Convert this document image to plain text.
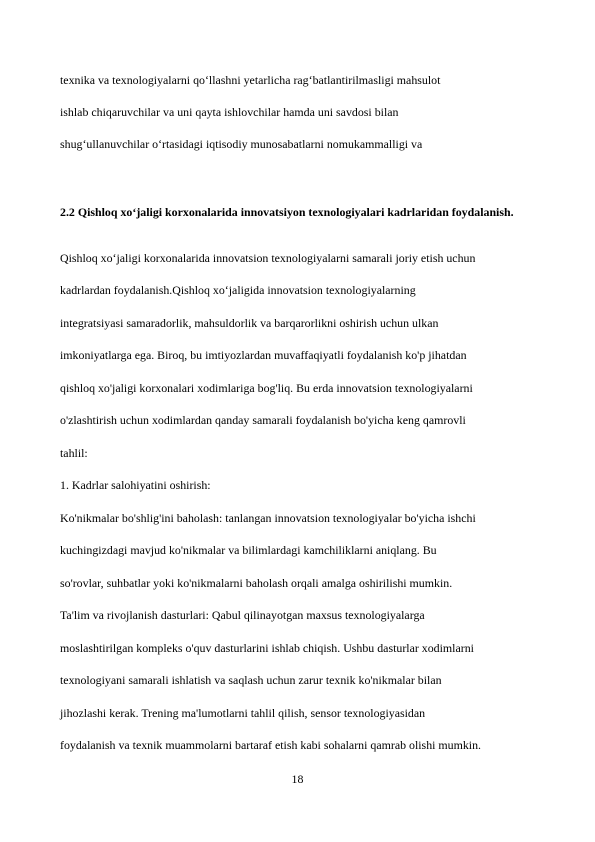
texnika va texnologiyalarni qo‘llashni yetarlicha rag‘batlantirilmasligi mahsulot
ishlab chiqaruvchilar va uni qayta ishlovchilar hamda uni savdosi bilan
shug‘ullanuvchilar o‘rtasidagi iqtisodiy munosabatlarni nomukammalligi va
2.2 Qishloq xo‘jaligi korxonalarida innovatsiyon texnologiyalari kadrlaridan foydalanish.
Qishloq xo‘jaligi korxonalarida innovatsion texnologiyalarni samarali joriy etish uchun
kadrlardan foydalanish.Qishloq xo‘jaligida innovatsion texnologiyalarning
integratsiyasi samaradorlik, mahsuldorlik va barqarorlikni oshirish uchun ulkan
imkoniyatlarga ega. Biroq, bu imtiyozlardan muvaffaqiyatli foydalanish ko'p jihatdan
qishloq xo'jaligi korxonalari xodimlariga bog'liq. Bu erda innovatsion texnologiyalarni
o'zlashtirish uchun xodimlardan qanday samarali foydalanish bo'yicha keng qamrovli
tahlil:
1. Kadrlar salohiyatini oshirish:
Ko'nikmalar bo'shlig'ini baholash: tanlangan innovatsion texnologiyalar bo'yicha ishchi
kuchingizdagi mavjud ko'nikmalar va bilimlardagi kamchiliklarni aniqlang. Bu
so'rovlar, suhbatlar yoki ko'nikmalarni baholash orqali amalga oshirilishi mumkin.
Ta'lim va rivojlanish dasturlari: Qabul qilinayotgan maxsus texnologiyalarga
moslashtirilgan kompleks o'quv dasturlarini ishlab chiqish. Ushbu dasturlar xodimlarni
texnologiyani samarali ishlatish va saqlash uchun zarur texnik ko'nikmalar bilan
jihozlashi kerak. Trening ma'lumotlarni tahlil qilish, sensor texnologiyasidan
foydalanish va texnik muammolarni bartaraf etish kabi sohalarni qamrab olishi mumkin.
18
